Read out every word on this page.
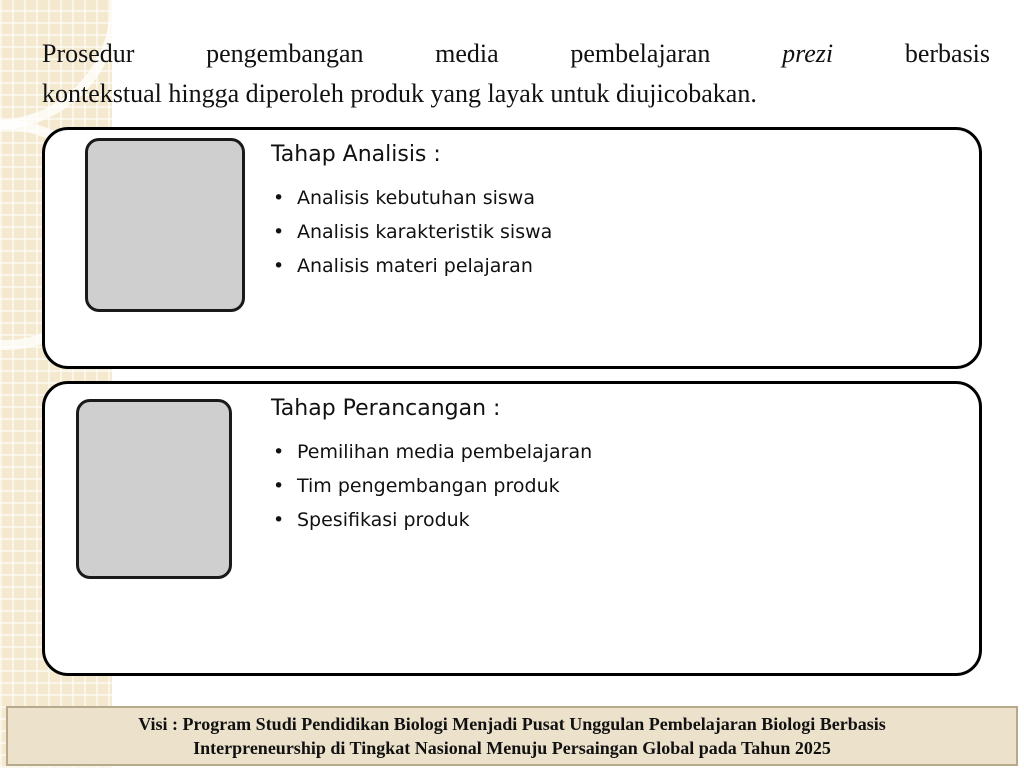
Prosedur pengembangan media pembelajaran	prezi	berbasis
kontekstual hingga diperoleh produk yang layak untuk diujicobakan.

Tahap Analisis :
• Analisis kebutuhan siswa
• Analisis karakteristik siswa
• Analisis materi pelajaran
Tahap Perancangan :
• Pemilihan media pembelajaran
• Tim pengembangan produk
• Spesifikasi produk
Visi : Program Studi Pendidikan Biologi Menjadi Pusat Unggulan Pembelajaran Biologi Berbasis
Interpreneurship di Tingkat Nasional Menuju Persaingan Global pada Tahun 2025
